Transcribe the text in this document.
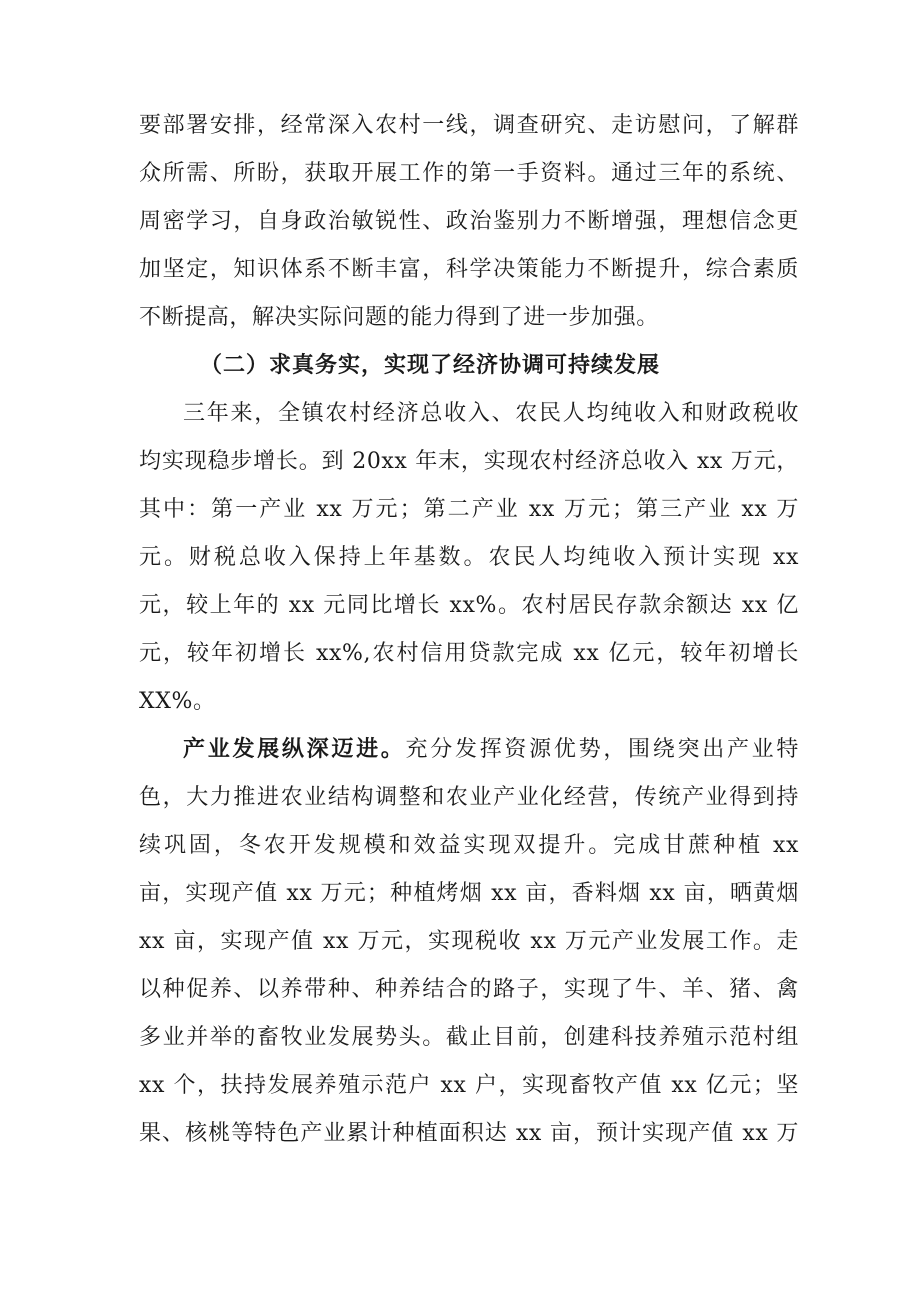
要部署安排，经常深入农村一线，调查研究、走访慰问，了解群
众所需、所盼，获取开展工作的第一手资料。通过三年的系统、
周密学习，自身政治敏锐性、政治鉴别力不断增强，理想信念更
加坚定，知识体系不断丰富，科学决策能力不断提升，综合素质
不断提高，解决实际问题的能力得到了进一步加强。
（二）求真务实，实现了经济协调可持续发展
三年来，全镇农村经济总收入、农民人均纯收入和财政税收
均实现稳步增长。到 20xx 年末，实现农村经济总收入 xx 万元，
其中：第一产业 xx 万元；第二产业 xx 万元；第三产业 xx 万
元。财税总收入保持上年基数。农民人均纯收入预计实现 xx
元，较上年的 xx 元同比增长 xx%。农村居民存款余额达 xx 亿
元，较年初增长 xx%,农村信用贷款完成 xx 亿元，较年初增长
XX%。
产业发展纵深迈进。充分发挥资源优势，围绕突出产业特
色，大力推进农业结构调整和农业产业化经营，传统产业得到持
续巩固，冬农开发规模和效益实现双提升。完成甘蔗种植 xx
亩，实现产值 xx 万元；种植烤烟 xx 亩，香料烟 xx 亩，晒黄烟
xx 亩，实现产值 xx 万元，实现税收 xx 万元产业发展工作。走
以种促养、以养带种、种养结合的路子，实现了牛、羊、猪、禽
多业并举的畜牧业发展势头。截止目前，创建科技养殖示范村组
xx 个，扶持发展养殖示范户 xx 户，实现畜牧产值 xx 亿元；坚
果、核桃等特色产业累计种植面积达 xx 亩，预计实现产值 xx 万
